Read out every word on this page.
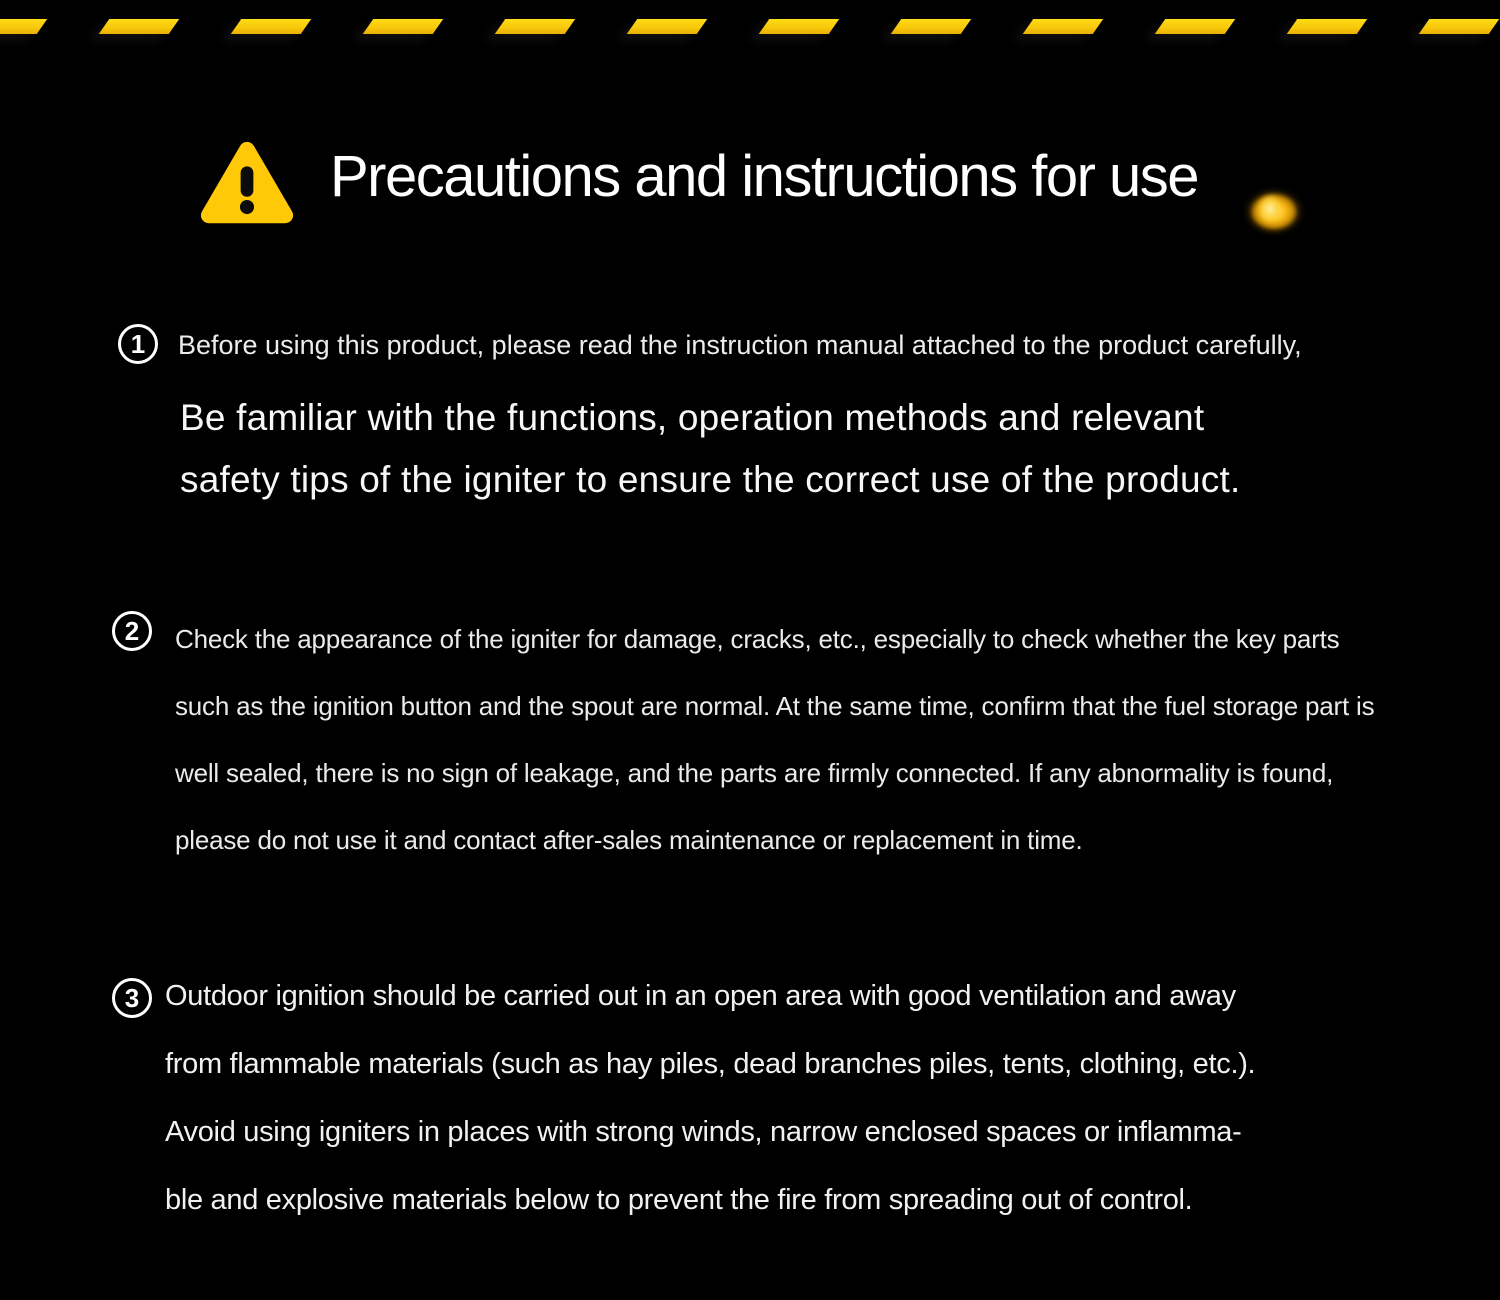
Precautions and instructions for use
1 Before using this product, please read the instruction manual attached to the product carefully,

Be familiar with the functions, operation methods and relevant
safety tips of the igniter to ensure the correct use of the product.

2 Check the appearance of the igniter for damage, cracks, etc., especially to check whether the key parts
such as the ignition button and the spout are normal. At the same time, confirm that the fuel storage part is
well sealed, there is no sign of leakage, and the parts are firmly connected. If any abnormality is found,
please do not use it and contact after-sales maintenance or replacement in time.

3 Outdoor ignition should be carried out in an open area with good ventilation and away
from flammable materials (such as hay piles, dead branches piles, tents, clothing, etc.).
Avoid using igniters in places with strong winds, narrow enclosed spaces or inflamma-
ble and explosive materials below to prevent the fire from spreading out of control.
